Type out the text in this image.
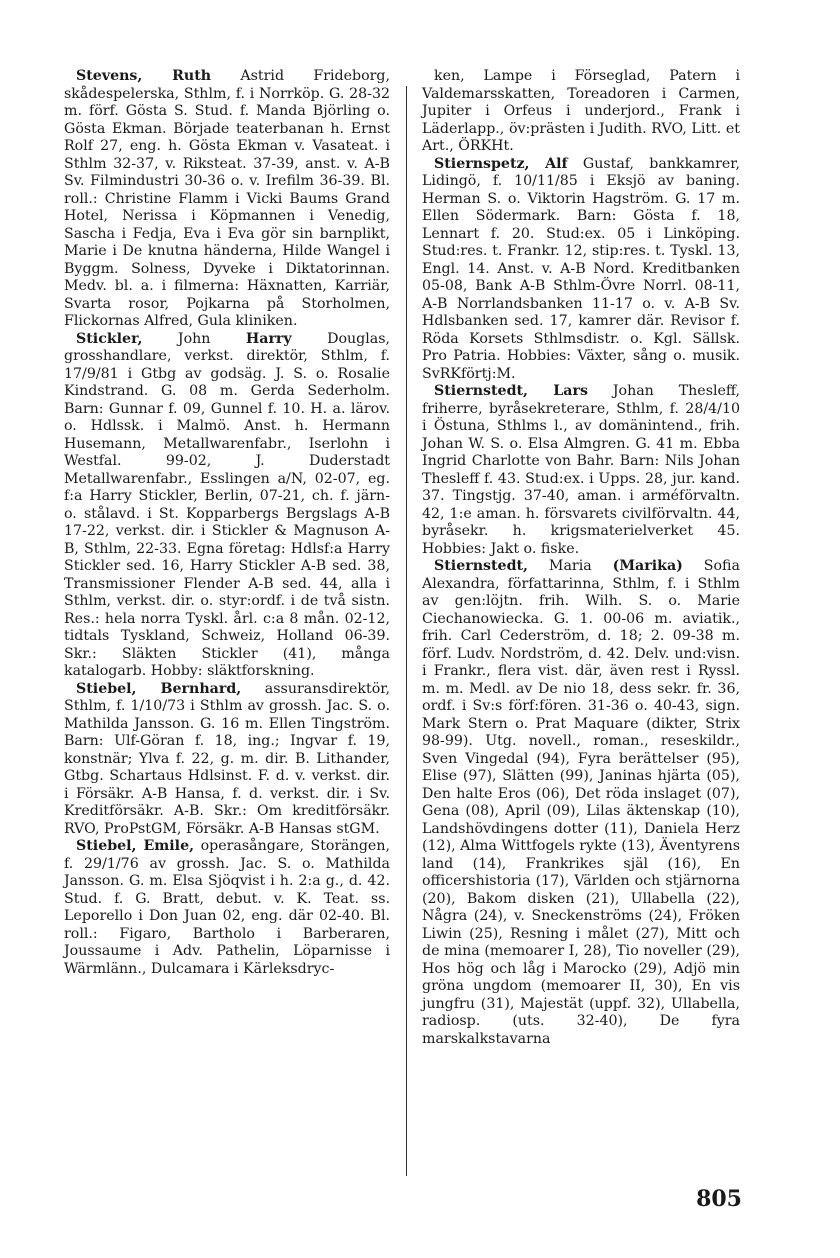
Stevens, Ruth Astrid Frideborg, skådespelerska, Sthlm, f. i Norrköp. G. 28-32 m. förf. Gösta S. Stud. f. Manda Björling o. Gösta Ekman. Började teaterbanan h. Ernst Rolf 27, eng. h. Gösta Ekman v. Vasateat. i Sthlm 32-37, v. Riksteat. 37-39, anst. v. A-B Sv. Filmindustri 30-36 o. v. Irefilm 36-39. Bl. roll.: Christine Flamm i Vicki Baums Grand Hotel, Nerissa i Köpmannen i Venedig, Sascha i Fedja, Eva i Eva gör sin barnplikt, Marie i De knutna händerna, Hilde Wangel i Byggm. Solness, Dyveke i Diktatorinnan. Medv. bl. a. i filmerna: Häxnatten, Karriär, Svarta rosor, Pojkarna på Storholmen, Flickornas Alfred, Gula kliniken.

Stickler, John Harry Douglas, grosshandlare, verkst. direktör, Sthlm, f. 17/9/81 i Gtbg av godsäg. J. S. o. Rosalie Kindstrand. G. 08 m. Gerda Sederholm. Barn: Gunnar f. 09, Gunnel f. 10. H. a. lärov. o. Hdlssk. i Malmö. Anst. h. Hermann Husemann, Metallwarenfabr., Iserlohn i Westfal. 99-02, J. Duderstadt Metallwarenfabr., Esslingen a/N, 02-07, eg. f:a Harry Stickler, Berlin, 07-21, ch. f. järn- o. stålavd. i St. Kopparbergs Bergslags A-B 17-22, verkst. dir. i Stickler & Magnuson A-B, Sthlm, 22-33. Egna företag: Hdlsf:a Harry Stickler sed. 16, Harry Stickler A-B sed. 38, Transmissioner Flender A-B sed. 44, alla i Sthlm, verkst. dir. o. styr:ordf. i de två sistn. Res.: hela norra Tyskl. årl. c:a 8 mån. 02-12, tidtals Tyskland, Schweiz, Holland 06-39. Skr.: Släkten Stickler (41), många katalogarb. Hobby: släktforskning.

Stiebel, Bernhard, assuransdirektör, Sthlm, f. 1/10/73 i Sthlm av grossh. Jac. S. o. Mathilda Jansson. G. 16 m. Ellen Tingström. Barn: Ulf-Göran f. 18, ing.; Ingvar f. 19, konstnär; Ylva f. 22, g. m. dir. B. Lithander, Gtbg. Schartaus Hdlsinst. F. d. v. verkst. dir. i Försäkr. A-B Hansa, f. d. verkst. dir. i Sv. Kreditförsäkr. A-B. Skr.: Om kreditförsäkr. RVO, ProPstGM, Försäkr. A-B Hansas stGM.

Stiebel, Emile, operasångare, Storängen, f. 29/1/76 av grossh. Jac. S. o. Mathilda Jansson. G. m. Elsa Sjöqvist i h. 2:a g., d. 42. Stud. f. G. Bratt, debut. v. K. Teat. ss. Leporello i Don Juan 02, eng. där 02-40. Bl. roll.: Figaro, Bartholo i Barberaren, Joussaume i Adv. Pathelin, Löparnisse i Wärmlänn., Dulcamara i Kärleksdryc-

ken, Lampe i Förseglad, Patern i Valdemarsskatten, Toreadoren i Carmen, Jupiter i Orfeus i underjord., Frank i Läderlapp., öv:prästen i Judith. RVO, Litt. et Art., ÖRKHt.

Stiernspetz, Alf Gustaf, bankkamrer, Lidingö, f. 10/11/85 i Eksjö av baning. Herman S. o. Viktorin Hagström. G. 17 m. Ellen Södermark. Barn: Gösta f. 18, Lennart f. 20. Stud:ex. 05 i Linköping. Stud:res. t. Frankr. 12, stip:res. t. Tyskl. 13, Engl. 14. Anst. v. A-B Nord. Kreditbanken 05-08, Bank A-B Sthlm-Övre Norrl. 08-11, A-B Norrlandsbanken 11-17 o. v. A-B Sv. Hdlsbanken sed. 17, kamrer där. Revisor f. Röda Korsets Sthlmsdistr. o. Kgl. Sällsk. Pro Patria. Hobbies: Växter, sång o. musik. SvRKförtj:M.

Stiernstedt, Lars Johan Thesleff, friherre, byråsekreterare, Sthlm, f. 28/4/10 i Östuna, Sthlms l., av domänintend., frih. Johan W. S. o. Elsa Almgren. G. 41 m. Ebba Ingrid Charlotte von Bahr. Barn: Nils Johan Thesleff f. 43. Stud:ex. i Upps. 28, jur. kand. 37. Tingstjg. 37-40, aman. i arméförvaltn. 42, 1:e aman. h. försvarets civilförvaltn. 44, byråsekr. h. krigsmaterielverket 45. Hobbies: Jakt o. fiske.

Stiernstedt, Maria (Marika) Sofia Alexandra, författarinna, Sthlm, f. i Sthlm av gen:löjtn. frih. Wilh. S. o. Marie Ciechanowiecka. G. 1. 00-06 m. aviatik., frih. Carl Cederström, d. 18; 2. 09-38 m. förf. Ludv. Nordström, d. 42. Delv. und:visn. i Frankr., flera vist. där, även rest i Ryssl. m. m. Medl. av De nio 18, dess sekr. fr. 36, ordf. i Sv:s förf:fören. 31-36 o. 40-43, sign. Mark Stern o. Prat Maquare (dikter, Strix 98-99). Utg. novell., roman., reseskildr., Sven Vingedal (94), Fyra berättelser (95), Elise (97), Slätten (99), Janinas hjärta (05), Den halte Eros (06), Det röda inslaget (07), Gena (08), April (09), Lilas äktenskap (10), Landshövdingens dotter (11), Daniela Herz (12), Alma Wittfogels rykte (13), Äventyrens land (14), Frankrikes själ (16), En officershistoria (17), Världen och stjärnorna (20), Bakom disken (21), Ullabella (22), Några (24), v. Sneckenströms (24), Fröken Liwin (25), Resning i målet (27), Mitt och de mina (memoarer I, 28), Tio noveller (29), Hos hög och låg i Marocko (29), Adjö min gröna ungdom (memoarer II, 30), En vis jungfru (31), Majestät (uppf. 32), Ullabella, radiosp. (uts. 32-40), De fyra marskalkstavarna

805
